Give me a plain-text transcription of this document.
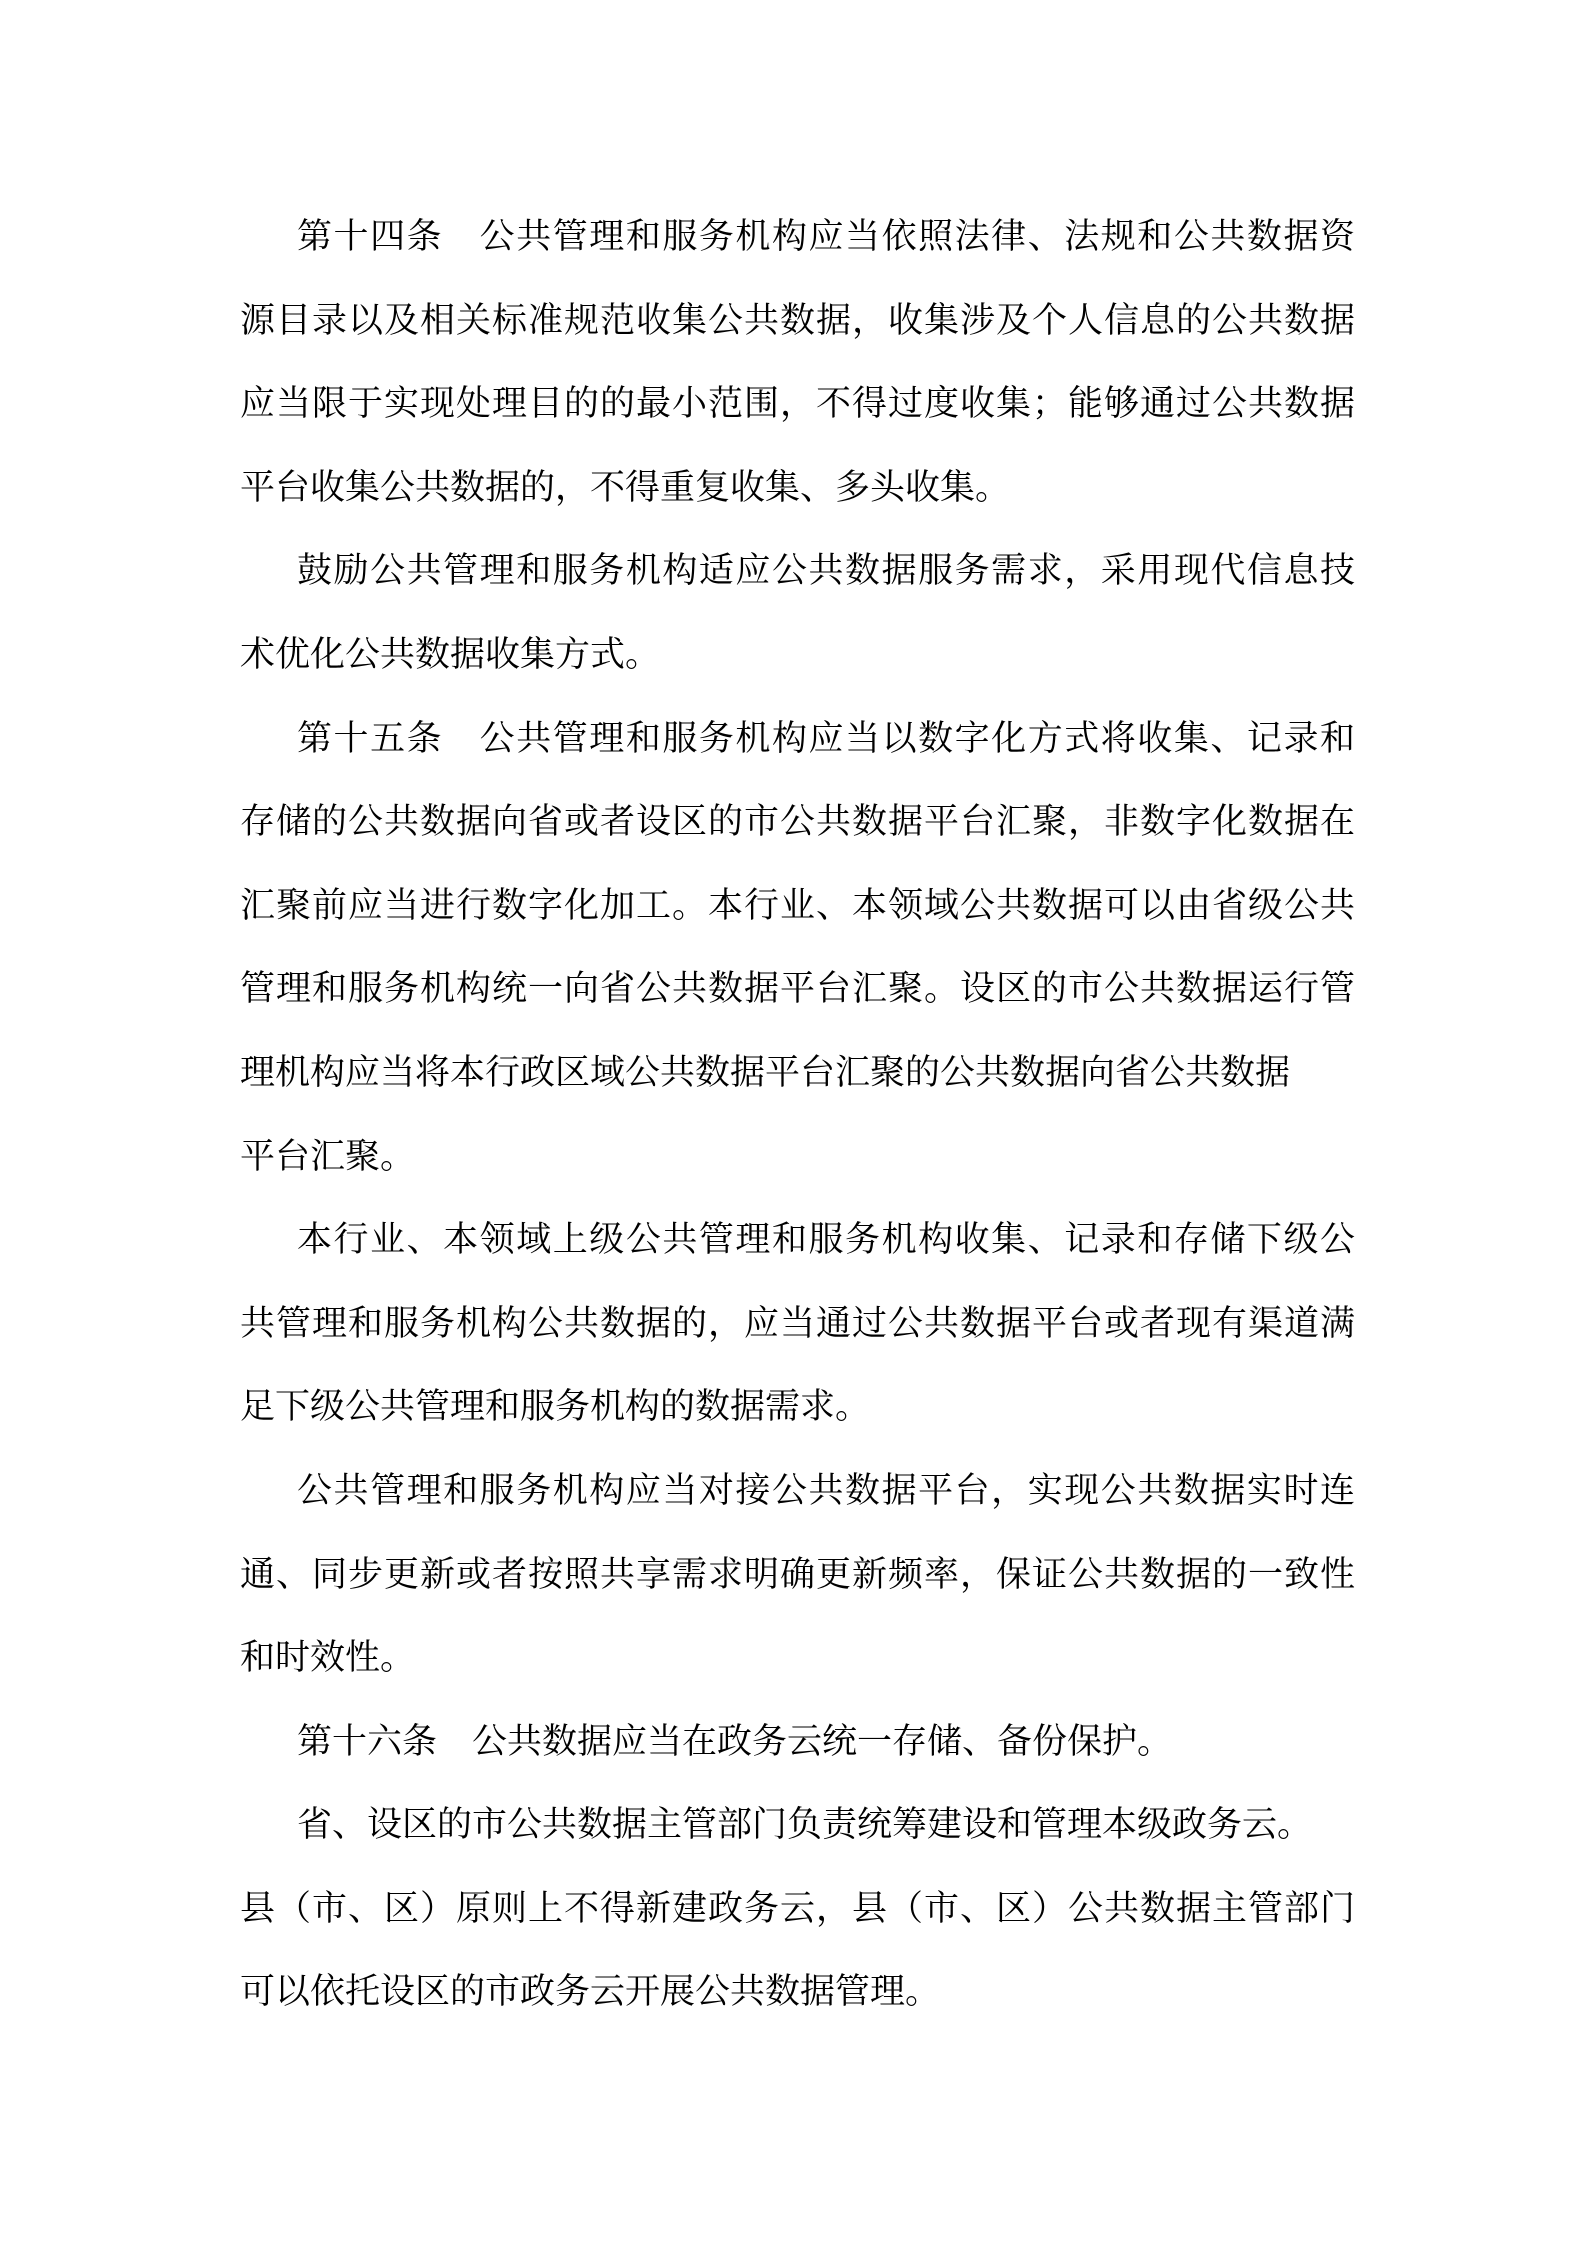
第十四条　公共管理和服务机构应当依照法律、法规和公共数据资
源目录以及相关标准规范收集公共数据，收集涉及个人信息的公共数据
应当限于实现处理目的的最小范围，不得过度收集；能够通过公共数据
平台收集公共数据的，不得重复收集、多头收集。
鼓励公共管理和服务机构适应公共数据服务需求，采用现代信息技
术优化公共数据收集方式。
第十五条　公共管理和服务机构应当以数字化方式将收集、记录和
存储的公共数据向省或者设区的市公共数据平台汇聚，非数字化数据在
汇聚前应当进行数字化加工。本行业、本领域公共数据可以由省级公共
管理和服务机构统一向省公共数据平台汇聚。设区的市公共数据运行管
理机构应当将本行政区域公共数据平台汇聚的公共数据向省公共数据
平台汇聚。
本行业、本领域上级公共管理和服务机构收集、记录和存储下级公
共管理和服务机构公共数据的，应当通过公共数据平台或者现有渠道满
足下级公共管理和服务机构的数据需求。
公共管理和服务机构应当对接公共数据平台，实现公共数据实时连
通、同步更新或者按照共享需求明确更新频率，保证公共数据的一致性
和时效性。
第十六条　公共数据应当在政务云统一存储、备份保护。
省、设区的市公共数据主管部门负责统筹建设和管理本级政务云。
县（市、区）原则上不得新建政务云，县（市、区）公共数据主管部门
可以依托设区的市政务云开展公共数据管理。
